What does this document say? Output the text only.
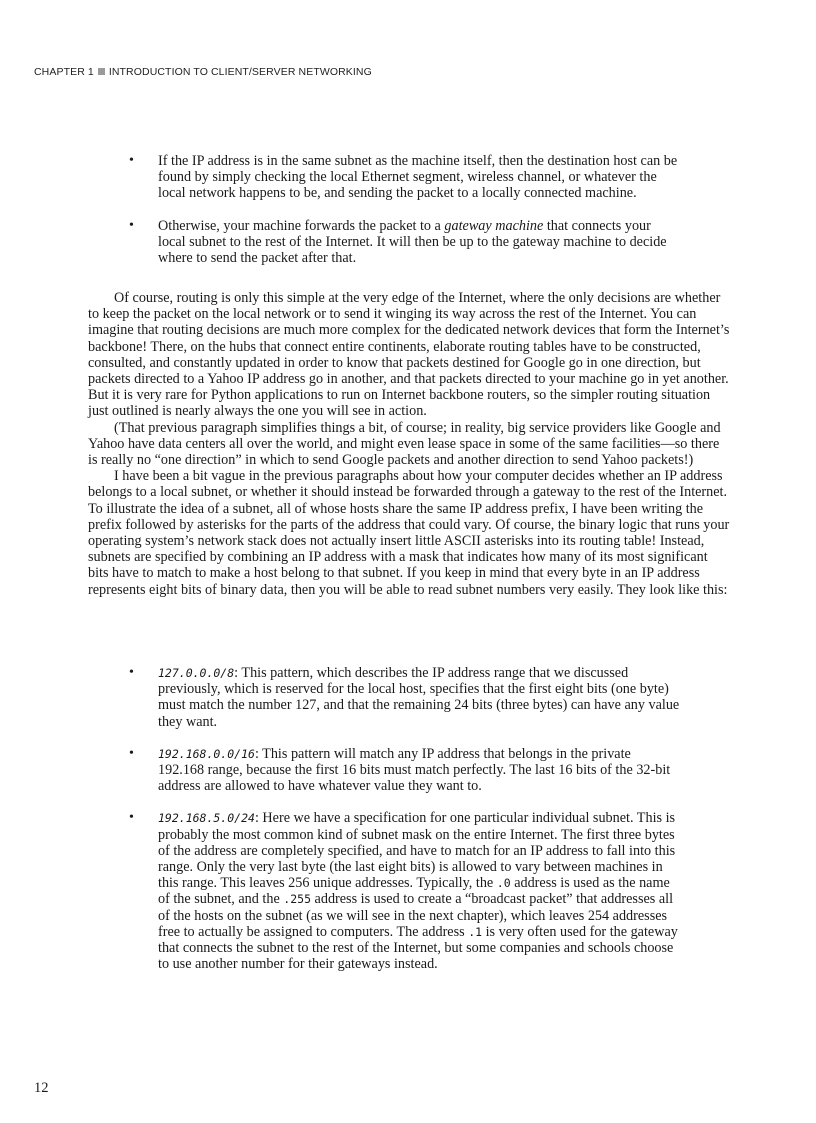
CHAPTER 1 INTRODUCTION TO CLIENT/SERVER NETWORKING
• If the IP address is in the same subnet as the machine itself, then the destination host can be found by simply checking the local Ethernet segment, wireless channel, or whatever the local network happens to be, and sending the packet to a locally connected machine.
• Otherwise, your machine forwards the packet to a gateway machine that connects your local subnet to the rest of the Internet. It will then be up to the gateway machine to decide where to send the packet after that.

Of course, routing is only this simple at the very edge of the Internet, where the only decisions are whether to keep the packet on the local network or to send it winging its way across the rest of the Internet. You can imagine that routing decisions are much more complex for the dedicated network devices that form the Internet’s backbone! There, on the hubs that connect entire continents, elaborate routing tables have to be constructed, consulted, and constantly updated in order to know that packets destined for Google go in one direction, but packets directed to a Yahoo IP address go in another, and that packets directed to your machine go in yet another. But it is very rare for Python applications to run on Internet backbone routers, so the simpler routing situation just outlined is nearly always the one you will see in action.

(That previous paragraph simplifies things a bit, of course; in reality, big service providers like Google and Yahoo have data centers all over the world, and might even lease space in some of the same facilities—so there is really no “one direction” in which to send Google packets and another direction to send Yahoo packets!)

I have been a bit vague in the previous paragraphs about how your computer decides whether an IP address belongs to a local subnet, or whether it should instead be forwarded through a gateway to the rest of the Internet. To illustrate the idea of a subnet, all of whose hosts share the same IP address prefix, I have been writing the prefix followed by asterisks for the parts of the address that could vary. Of course, the binary logic that runs your operating system’s network stack does not actually insert little ASCII asterisks into its routing table! Instead, subnets are specified by combining an IP address with a mask that indicates how many of its most significant bits have to match to make a host belong to that subnet. If you keep in mind that every byte in an IP address represents eight bits of binary data, then you will be able to read subnet numbers very easily. They look like this:

• 127.0.0.0/8: This pattern, which describes the IP address range that we discussed previously, which is reserved for the local host, specifies that the first eight bits (one byte) must match the number 127, and that the remaining 24 bits (three bytes) can have any value they want.
• 192.168.0.0/16: This pattern will match any IP address that belongs in the private 192.168 range, because the first 16 bits must match perfectly. The last 16 bits of the 32-bit address are allowed to have whatever value they want to.
• 192.168.5.0/24: Here we have a specification for one particular individual subnet. This is probably the most common kind of subnet mask on the entire Internet. The first three bytes of the address are completely specified, and have to match for an IP address to fall into this range. Only the very last byte (the last eight bits) is allowed to vary between machines in this range. This leaves 256 unique addresses. Typically, the .0 address is used as the name of the subnet, and the .255 address is used to create a “broadcast packet” that addresses all of the hosts on the subnet (as we will see in the next chapter), which leaves 254 addresses free to actually be assigned to computers. The address .1 is very often used for the gateway that connects the subnet to the rest of the Internet, but some companies and schools choose to use another number for their gateways instead.
12
